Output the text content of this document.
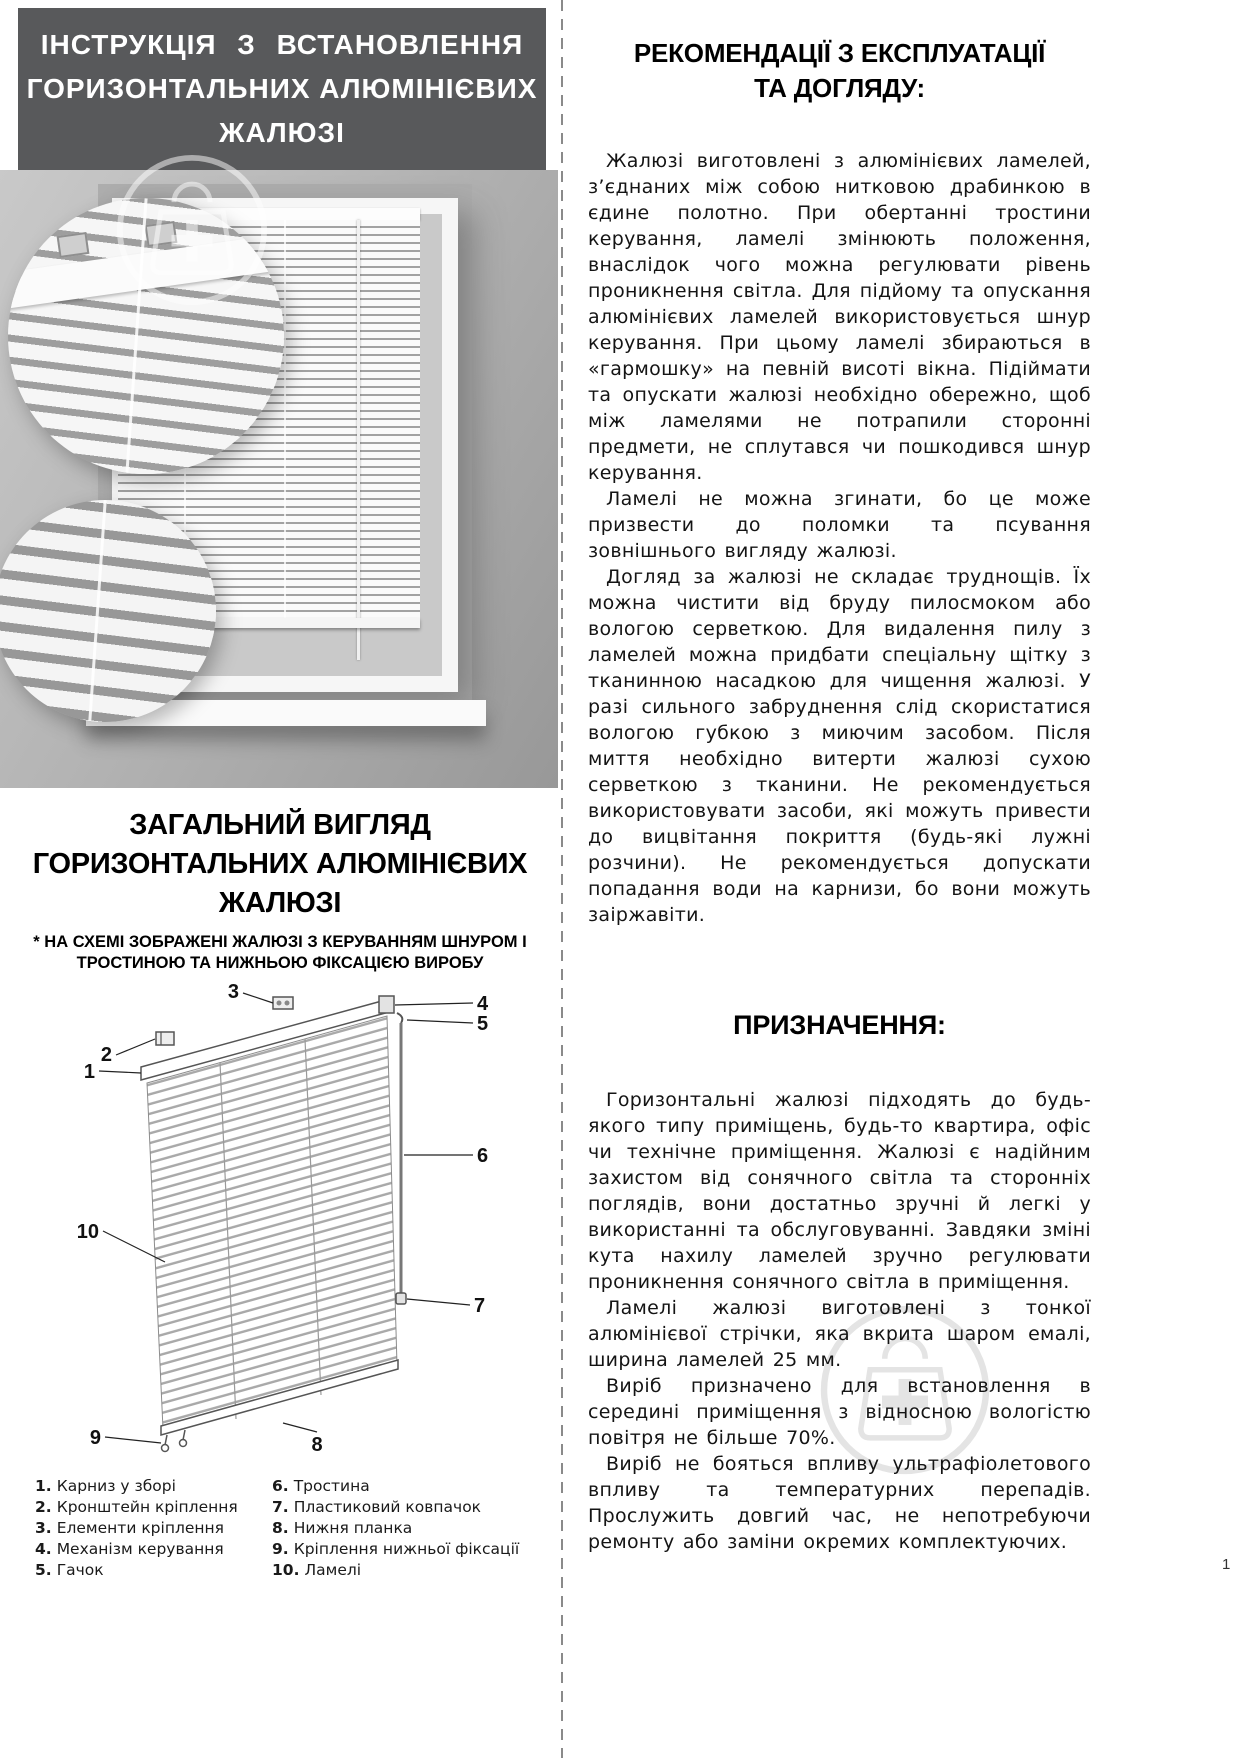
ІНСТРУКЦІЯ З ВСТАНОВЛЕННЯ
ГОРИЗОНТАЛЬНИХ АЛЮМІНІЄВИХ
ЖАЛЮЗІ
ЗАГАЛЬНИЙ ВИГЛЯД
ГОРИЗОНТАЛЬНИХ АЛЮМІНІЄВИХ
ЖАЛЮЗІ
* НА СХЕМІ ЗОБРАЖЕНІ ЖАЛЮЗІ З КЕРУВАННЯМ ШНУРОМ І
ТРОСТИНОЮ ТА НИЖНЬОЮ ФІКСАЦІЄЮ ВИРОБУ
1
2
3
4
5
6
7
8
9
10
1. Карниз у зборі
2. Кронштейн кріплення
3. Елементи кріплення
4. Механізм керування
5. Гачок
6. Тростина
7. Пластиковий ковпачок
8. Нижня планка
9. Кріплення нижньої фіксації
10. Ламелі
РЕКОМЕНДАЦІЇ З ЕКСПЛУАТАЦІЇ
ТА ДОГЛЯДУ:

Жалюзі виготовлені з алюмінієвих ламелей, з’єднаних між собою нитковою драбинкою в єдине полотно. При обертанні тростини керування, ламелі змінюють положення, внаслідок чого можна регулювати рівень проникнення світла. Для підйому та опускання алюмінієвих ламелей використовується шнур керування. При цьому ламелі збираються в «гармошку» на певній висоті вікна. Підіймати та опускати жалюзі необхідно обережно, щоб між ламелями не потрапили сторонні предмети, не сплутався чи пошкодився шнур керування.

Ламелі не можна згинати, бо це може призвести до поломки та псування зовнішнього вигляду жалюзі.

Догляд за жалюзі не складає труднощів. Їх можна чистити від бруду пилосмоком або вологою серветкою. Для видалення пилу з ламелей можна придбати спеціальну щітку з тканинною насадкою для чищення жалюзі. У разі сильного забруднення слід скористатися вологою губкою з миючим засобом. Після миття необхідно витерти жалюзі сухою серветкою з тканини. Не рекомендується використовувати засоби, які можуть привести до вицвітання покриття (будь-які лужні розчини). Не рекомендується допускати попадання води на карнизи, бо вони можуть заіржавіти.

ПРИЗНАЧЕННЯ:

Горизонтальні жалюзі підходять до будь-якого типу приміщень, будь-то квартира, офіс чи технічне приміщення. Жалюзі є надійним захистом від сонячного світла та сторонніх поглядів, вони достатньо зручні й легкі у використанні та обслуговуванні. Завдяки зміні кута нахилу ламелей зручно регулювати проникнення сонячного світла в приміщення.

Ламелі жалюзі виготовлені з тонкої алюмінієвої стрічки, яка вкрита шаром емалі, ширина ламелей 25 мм.

Виріб призначено для встановлення в середині приміщення з відносною вологістю повітря не більше 70%.

Виріб не бояться впливу ультрафіолетового впливу та температурних перепадів. Прослужить довгий час, не непотребуючи ремонту або заміни окремих комплектуючих.

1
